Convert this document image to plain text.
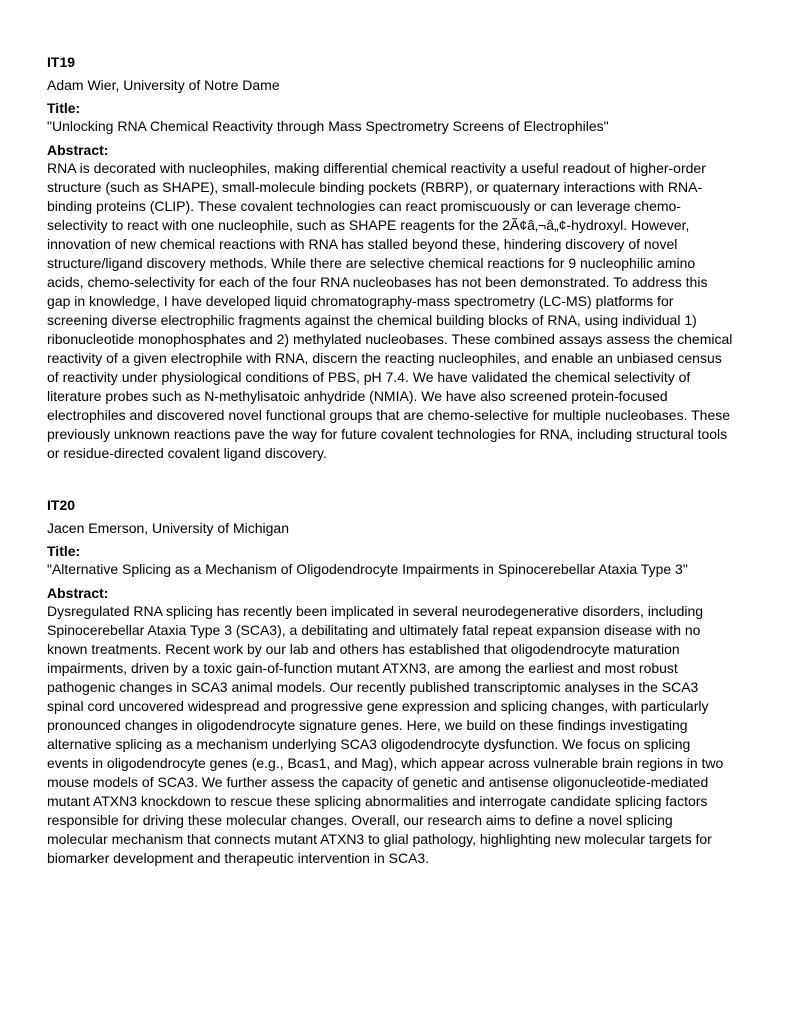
IT19
Adam Wier, University of Notre Dame
Title:
"Unlocking RNA Chemical Reactivity through Mass Spectrometry Screens of Electrophiles"
Abstract:
RNA is decorated with nucleophiles, making differential chemical reactivity a useful readout of higher-order
structure (such as SHAPE), small-molecule binding pockets (RBRP), or quaternary interactions with RNA-
binding proteins (CLIP). These covalent technologies can react promiscuously or can leverage chemo-
selectivity to react with one nucleophile, such as SHAPE reagents for the 2Ã¢â‚¬â„¢-hydroxyl. However,
innovation of new chemical reactions with RNA has stalled beyond these, hindering discovery of novel
structure/ligand discovery methods. While there are selective chemical reactions for 9 nucleophilic amino
acids, chemo-selectivity for each of the four RNA nucleobases has not been demonstrated. To address this
gap in knowledge, I have developed liquid chromatography-mass spectrometry (LC-MS) platforms for
screening diverse electrophilic fragments against the chemical building blocks of RNA, using individual 1)
ribonucleotide monophosphates and 2) methylated nucleobases. These combined assays assess the chemical
reactivity of a given electrophile with RNA, discern the reacting nucleophiles, and enable an unbiased census
of reactivity under physiological conditions of PBS, pH 7.4. We have validated the chemical selectivity of
literature probes such as N-methylisatoic anhydride (NMIA). We have also screened protein-focused
electrophiles and discovered novel functional groups that are chemo-selective for multiple nucleobases. These
previously unknown reactions pave the way for future covalent technologies for RNA, including structural tools
or residue-directed covalent ligand discovery.
IT20
Jacen Emerson, University of Michigan
Title:
"Alternative Splicing as a Mechanism of Oligodendrocyte Impairments in Spinocerebellar Ataxia Type 3"
Abstract:
Dysregulated RNA splicing has recently been implicated in several neurodegenerative disorders, including
Spinocerebellar Ataxia Type 3 (SCA3), a debilitating and ultimately fatal repeat expansion disease with no
known treatments. Recent work by our lab and others has established that oligodendrocyte maturation
impairments, driven by a toxic gain-of-function mutant ATXN3, are among the earliest and most robust
pathogenic changes in SCA3 animal models. Our recently published transcriptomic analyses in the SCA3
spinal cord uncovered widespread and progressive gene expression and splicing changes, with particularly
pronounced changes in oligodendrocyte signature genes. Here, we build on these findings investigating
alternative splicing as a mechanism underlying SCA3 oligodendrocyte dysfunction. We focus on splicing
events in oligodendrocyte genes (e.g., Bcas1, and Mag), which appear across vulnerable brain regions in two
mouse models of SCA3. We further assess the capacity of genetic and antisense oligonucleotide-mediated
mutant ATXN3 knockdown to rescue these splicing abnormalities and interrogate candidate splicing factors
responsible for driving these molecular changes. Overall, our research aims to define a novel splicing
molecular mechanism that connects mutant ATXN3 to glial pathology, highlighting new molecular targets for
biomarker development and therapeutic intervention in SCA3.
